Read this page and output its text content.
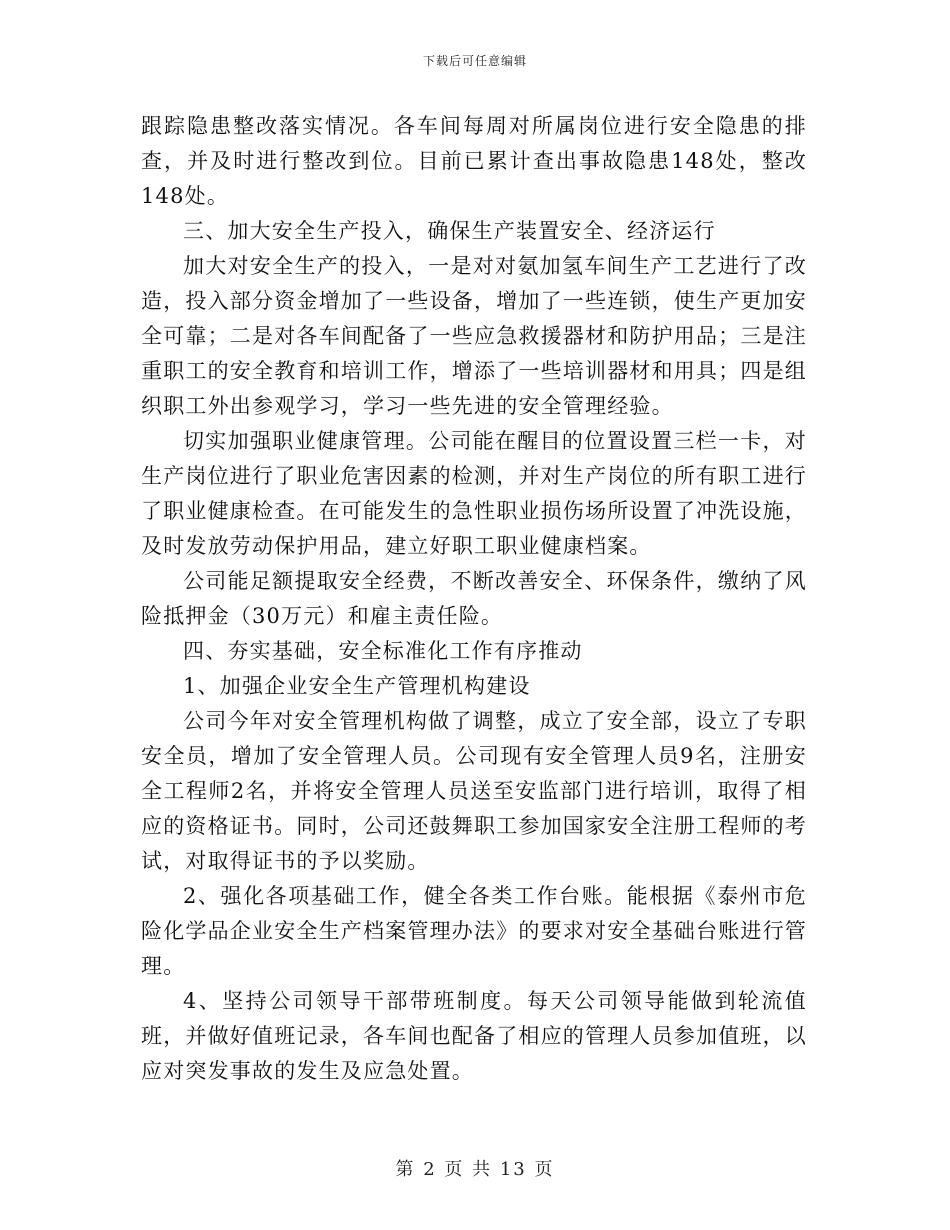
下载后可任意编辑

跟踪隐患整改落实情况。各车间每周对所属岗位进行安全隐患的排查，并及时进行整改到位。目前已累计查出事故隐患148处，整改148处。

三、加大安全生产投入，确保生产装置安全、经济运行

加大对安全生产的投入，一是对对氨加氢车间生产工艺进行了改造，投入部分资金增加了一些设备，增加了一些连锁，使生产更加安全可靠；二是对各车间配备了一些应急救援器材和防护用品；三是注重职工的安全教育和培训工作，增添了一些培训器材和用具；四是组织职工外出参观学习，学习一些先进的安全管理经验。

切实加强职业健康管理。公司能在醒目的位置设置三栏一卡，对生产岗位进行了职业危害因素的检测，并对生产岗位的所有职工进行了职业健康检查。在可能发生的急性职业损伤场所设置了冲洗设施，及时发放劳动保护用品，建立好职工职业健康档案。

公司能足额提取安全经费，不断改善安全、环保条件，缴纳了风险抵押金（30万元）和雇主责任险。

四、夯实基础，安全标准化工作有序推动

1、加强企业安全生产管理机构建设

公司今年对安全管理机构做了调整，成立了安全部，设立了专职安全员，增加了安全管理人员。公司现有安全管理人员9名，注册安全工程师2名，并将安全管理人员送至安监部门进行培训，取得了相应的资格证书。同时，公司还鼓舞职工参加国家安全注册工程师的考试，对取得证书的予以奖励。

2、强化各项基础工作，健全各类工作台账。能根据《泰州市危险化学品企业安全生产档案管理办法》的要求对安全基础台账进行管理。

4、坚持公司领导干部带班制度。每天公司领导能做到轮流值班，并做好值班记录，各车间也配备了相应的管理人员参加值班，以应对突发事故的发生及应急处置。

第 2 页 共 13 页
